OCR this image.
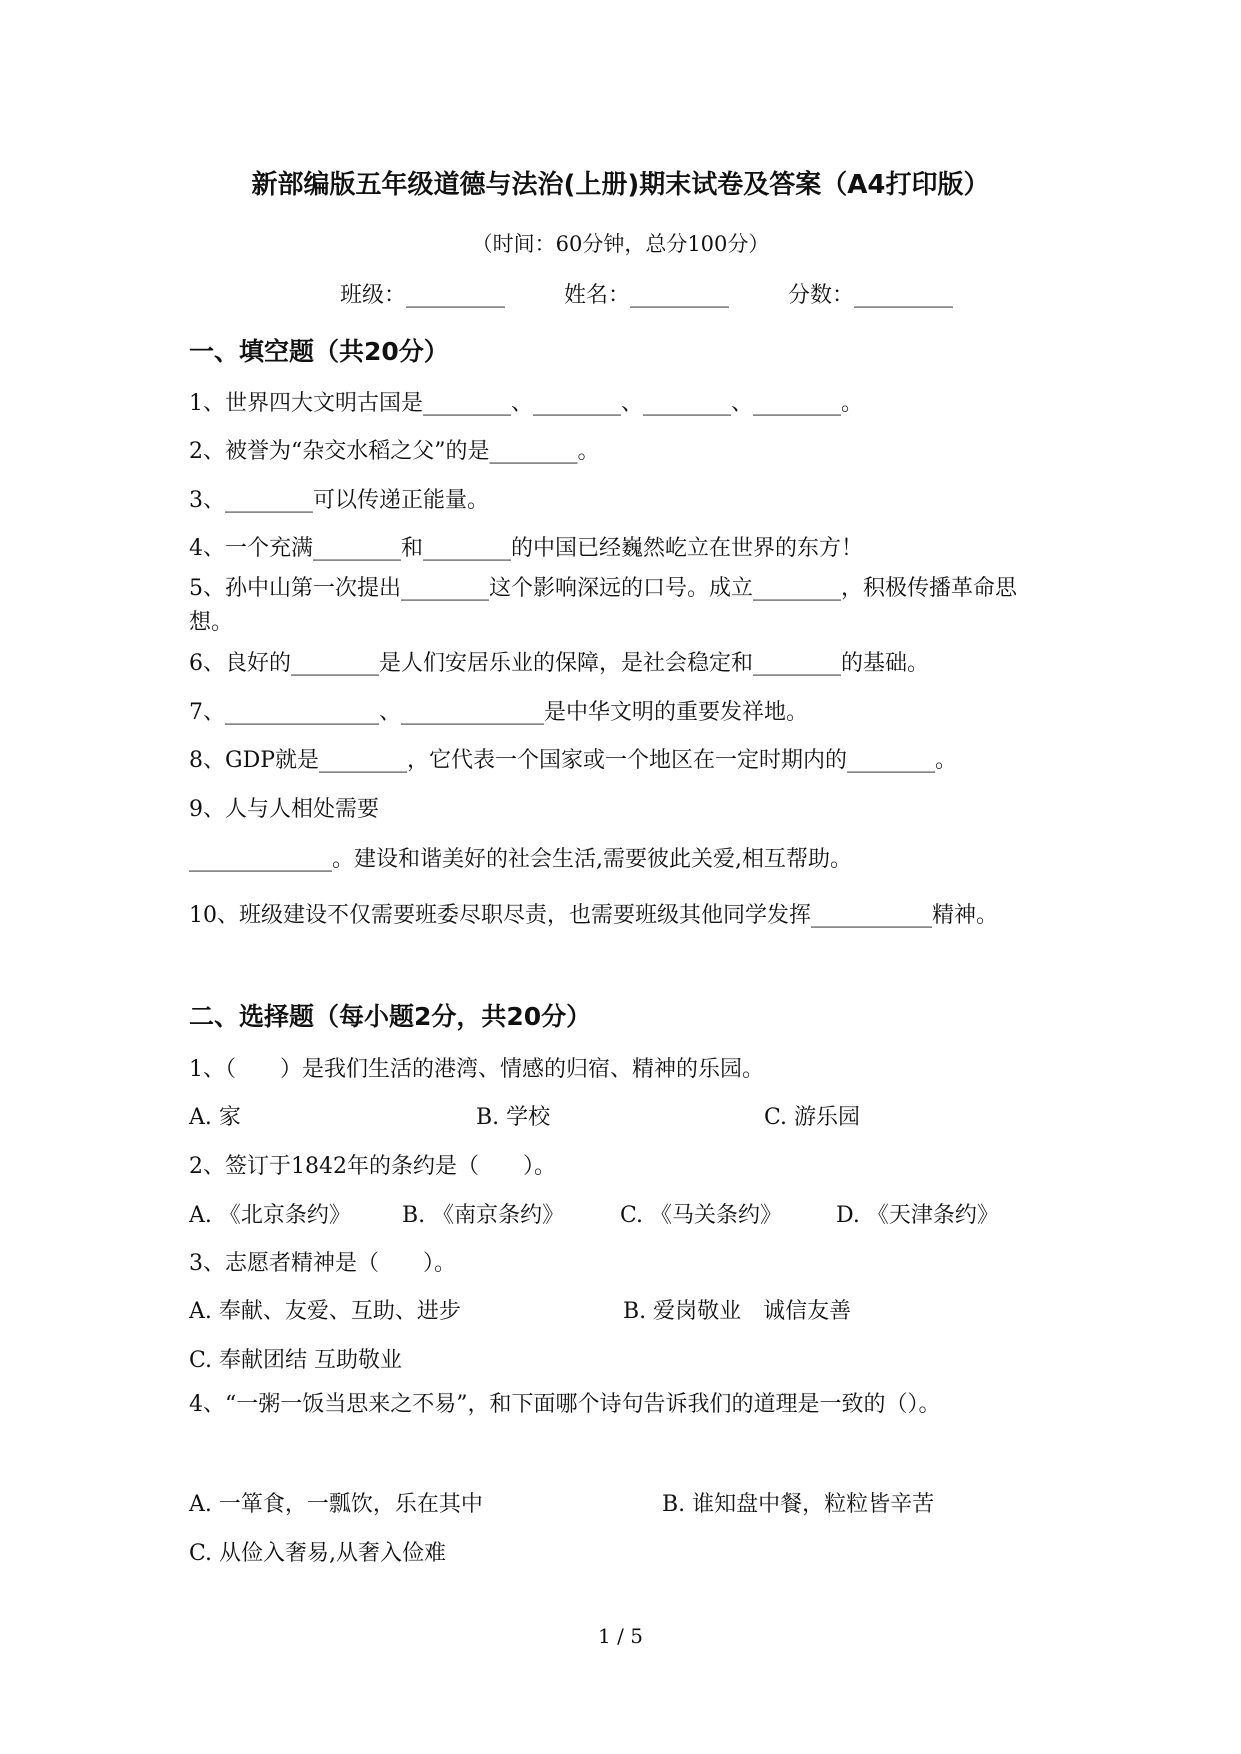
新部编版五年级道德与法治(上册)期末试卷及答案（A4打印版）
（时间：60分钟，总分100分）
班级：_________	姓名：_________	分数：_________
一、填空题（共20分）
1、世界四大文明古国是________、________、________、________。
2、被誉为“杂交水稻之父”的是________。
3、________可以传递正能量。
4、一个充满________和________的中国已经巍然屹立在世界的东方！
5、孙中山第一次提出________这个影响深远的口号。成立________，积极传播革命思想。
6、良好的________是人们安居乐业的保障，是社会稳定和________的基础。
7、______________、_____________是中华文明的重要发祥地。
8、GDP就是________，它代表一个国家或一个地区在一定时期内的________。
9、人与人相处需要
_____________。建设和谐美好的社会生活,需要彼此关爱,相互帮助。
10、班级建设不仅需要班委尽职尽责，也需要班级其他同学发挥___________精神。
二、选择题（每小题2分，共20分）
1、（　　）是我们生活的港湾、情感的归宿、精神的乐园。
A. 家	B. 学校	C. 游乐园
2、签订于1842年的条约是（　　）。
A. 《北京条约》 B. 《南京条约》	C. 《马关条约》 D. 《天津条约》
3、志愿者精神是（　　）。
A. 奉献、友爱、互助、进步	B. 爱岗敬业　诚信友善
C. 奉献团结 互助敬业
4、“一粥一饭当思来之不易”，和下面哪个诗句告诉我们的道理是一致的（）。
A. 一箪食，一瓢饮，乐在其中	B. 谁知盘中餐，粒粒皆辛苦
C. 从俭入奢易,从奢入俭难
1 / 5
